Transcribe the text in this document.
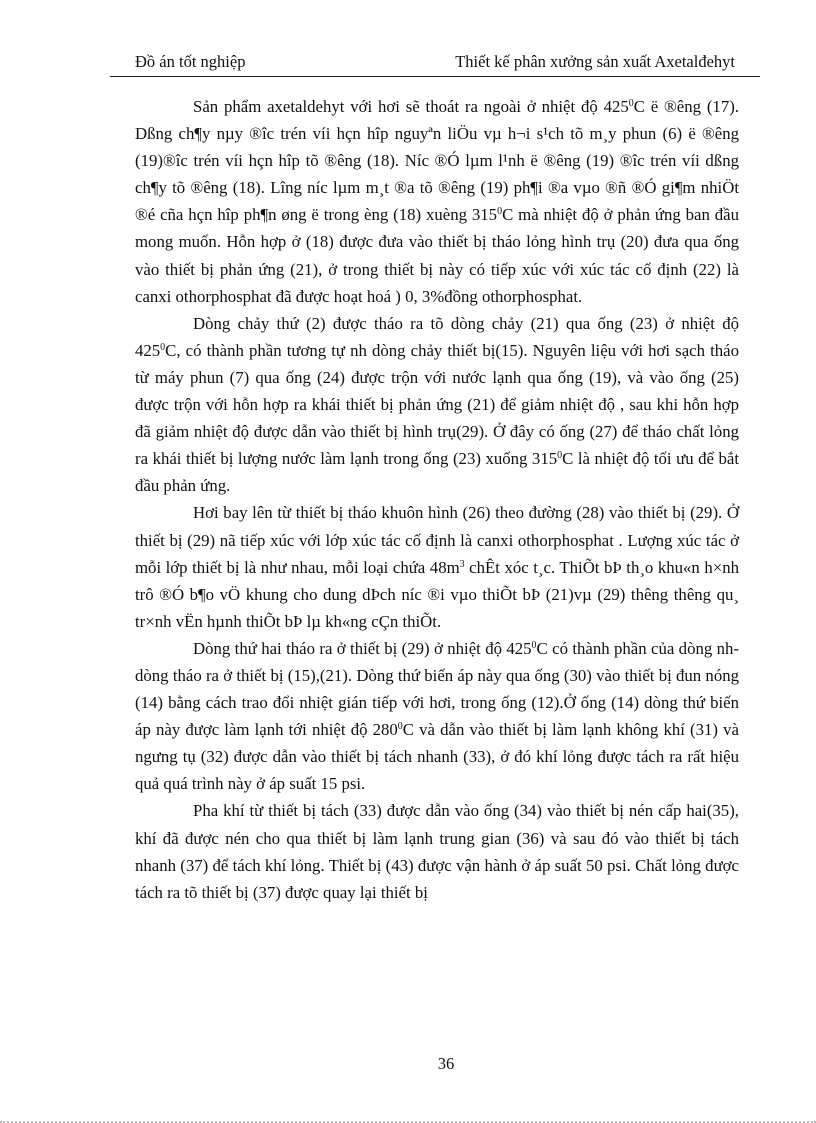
Đồ án tốt nghiệp	Thiết kế phân xưởng sản xuất Axetalđehyt

Sản phẩm axetaldehyt với hơi sẽ thoát ra ngoài ở nhiệt độ $425^0C$ ë ®êng (17). Dßng ch¶y nµy ®îc trén víi hçn hîp nguyªn liÖu vµ h¬i s¹ch tõ m¸y phun (6) ë ®êng (19)®îc trén víi hçn hîp tõ ®êng (18). Níc ®Ó lµm l¹nh ë ®êng (19) ®îc trén víi dßng ch¶y tõ ®êng (18). Lîng níc lµm m¸t ®a tõ ®êng (19) ph¶i ®a vµo ®ñ ®Ó gi¶m nhiÖt ®é cña hçn hîp ph¶n øng ë trong èng (18) xuèng $315^0C$ mà nhiệt độ ở phản ứng ban đầu mong muốn. Hỗn hợp ở (18) được đưa vào thiết bị tháo lỏng hình trụ (20) đưa qua ống vào thiết bị phản ứng (21), ở trong thiết bị này có tiếp xúc với xúc tác cố định (22) là canxi othorphosphat đã được hoạt hoá ) 0, 3%đồng othorphosphat.

Dòng chảy thứ (2) được tháo ra tõ dòng chảy (21) qua ống (23) ở nhiệt độ $425^0C$, có thành phần tương tự nh dòng chảy thiết bị(15). Nguyên liệu với hơi sạch tháo từ máy phun (7) qua ống (24) được trộn với nước lạnh qua ống (19), và vào ống (25) được trộn với hỗn hợp ra khái thiết bị phản ứng (21) để giảm nhiệt độ , sau khi hỗn hợp đã giảm nhiệt độ được dẫn vào thiết bị hình trụ(29). Ở đây có ống (27) để tháo chất lỏng ra khái thiết bị lượng nước làm lạnh trong ống (23) xuống $315^0C$ là nhiệt độ tối ưu để bắt đầu phản ứng.

Hơi bay lên từ thiết bị tháo khuôn hình (26) theo đường (28) vào thiết bị (29). Ở thiết bị (29) nã tiếp xúc với lớp xúc tác cố định là canxi othorphosphat . Lượng xúc tác ở mỗi lớp thiết bị là như nhau, mỗi loại chứa $48m^3$ chÊt xóc t¸c. ThiÕt bÞ th¸o khu«n h×nh trô ®Ó b¶o vÖ khung cho dung dÞch níc ®i vµo thiÕt bÞ (21)vµ (29) thêng thêng qu¸ tr×nh vËn hµnh thiÕt bÞ lµ kh«ng cÇn thiÕt.

Dòng thứ hai tháo ra ở thiết bị (29) ở nhiệt độ $425^0C$ có thành phần của dòng nh dòng tháo ra ở thiết bị (15),(21). Dòng thứ biến áp này qua ống (30) vào thiết bị đun nóng (14) bằng cách trao đổi nhiệt gián tiếp với hơi, trong ống (12).Ở ống (14) dòng thứ biến áp này được làm lạnh tới nhiệt độ $280^0C$ và dẫn vào thiết bị làm lạnh không khí (31) và ngưng tụ (32) được dẫn vào thiết bị tách nhanh (33), ở đó khí lỏng được tách ra rất hiệu quả quá trình này ở áp suất 15 psi.

Pha khí từ thiết bị tách (33) được dẫn vào ống (34) vào thiết bị nén cấp hai(35), khí đã được nén cho qua thiết bị làm lạnh trung gian (36) và sau đó vào thiết bị tách nhanh (37) để tách khí lỏng. Thiết bị (43) được vận hành ở áp suất 50 psi. Chất lỏng được tách ra tõ thiết bị (37) được quay lại thiết bị

36
